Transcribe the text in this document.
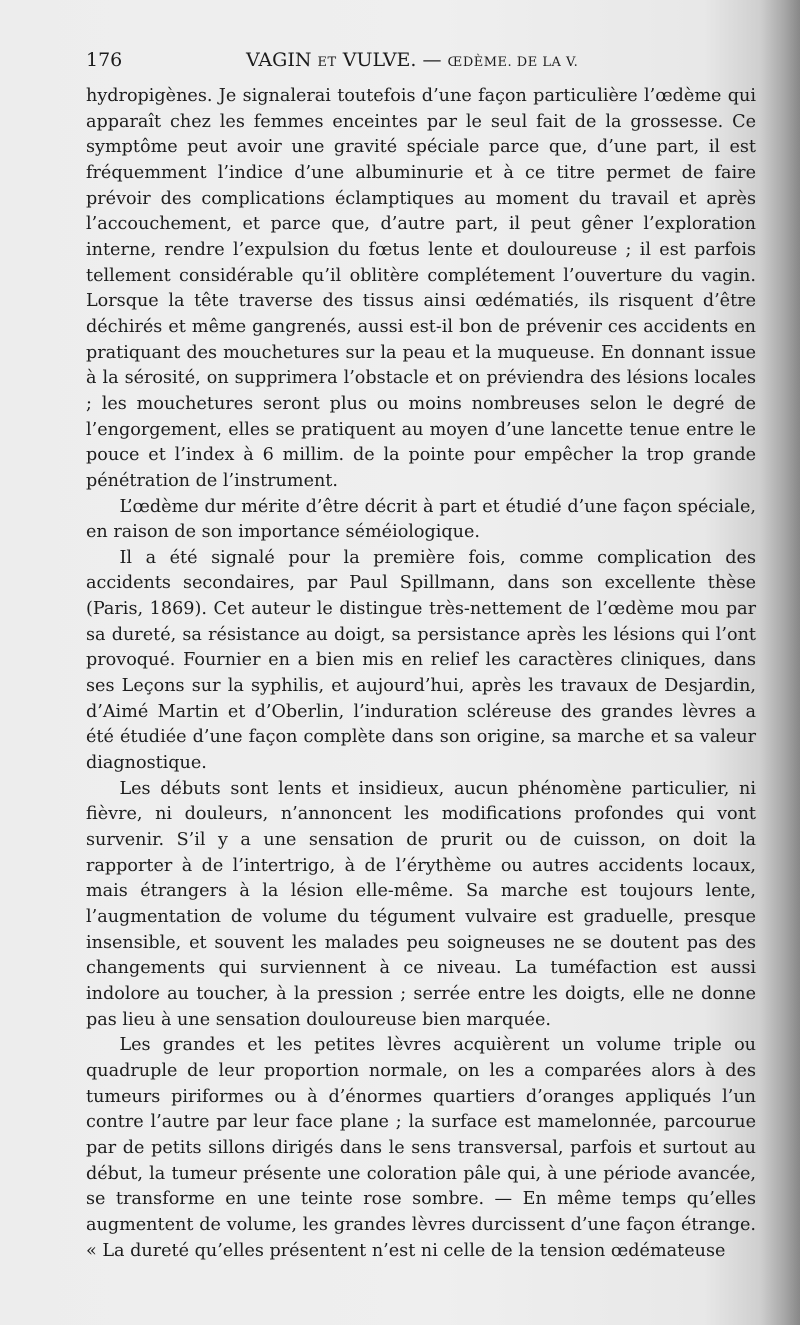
176	VAGIN ET VULVE. — ŒDÈME. DE LA V.

hydropigènes. Je signalerai toutefois d’une façon particulière l’œdème qui apparaît chez les femmes enceintes par le seul fait de la grossesse. Ce symptôme peut avoir une gravité spéciale parce que, d’une part, il est fréquemment l’indice d’une albuminurie et à ce titre permet de faire prévoir des complications éclamptiques au moment du travail et après l’accouchement, et parce que, d’autre part, il peut gêner l’exploration interne, rendre l’expulsion du fœtus lente et douloureuse ; il est parfois tellement considérable qu’il oblitère complétement l’ouverture du vagin. Lorsque la tête traverse des tissus ainsi œdématiés, ils risquent d’être déchirés et même gangrenés, aussi est-il bon de prévenir ces accidents en pratiquant des mouchetures sur la peau et la muqueuse. En donnant issue à la sérosité, on supprimera l’obstacle et on préviendra des lésions locales ; les mouchetures seront plus ou moins nombreuses selon le degré de l’engorgement, elles se pratiquent au moyen d’une lancette tenue entre le pouce et l’index à 6 millim. de la pointe pour empêcher la trop grande pénétration de l’instrument.

L’œdème dur mérite d’être décrit à part et étudié d’une façon spéciale, en raison de son importance séméiologique.

Il a été signalé pour la première fois, comme complication des accidents secondaires, par Paul Spillmann, dans son excellente thèse (Paris, 1869). Cet auteur le distingue très-nettement de l’œdème mou par sa dureté, sa résistance au doigt, sa persistance après les lésions qui l’ont provoqué. Fournier en a bien mis en relief les caractères cliniques, dans ses Leçons sur la syphilis, et aujourd’hui, après les travaux de Desjardin, d’Aimé Martin et d’Oberlin, l’induration scléreuse des grandes lèvres a été étudiée d’une façon complète dans son origine, sa marche et sa valeur diagnostique.

Les débuts sont lents et insidieux, aucun phénomène particulier, ni fièvre, ni douleurs, n’annoncent les modifications profondes qui vont survenir. S’il y a une sensation de prurit ou de cuisson, on doit la rapporter à de l’intertrigo, à de l’érythème ou autres accidents locaux, mais étrangers à la lésion elle-même. Sa marche est toujours lente, l’augmentation de volume du tégument vulvaire est graduelle, presque insensible, et souvent les malades peu soigneuses ne se doutent pas des changements qui surviennent à ce niveau. La tuméfaction est aussi indolore au toucher, à la pression ; serrée entre les doigts, elle ne donne pas lieu à une sensation douloureuse bien marquée.

Les grandes et les petites lèvres acquièrent un volume triple ou quadruple de leur proportion normale, on les a comparées alors à des tumeurs piriformes ou à d’énormes quartiers d’oranges appliqués l’un contre l’autre par leur face plane ; la surface est mamelonnée, parcourue par de petits sillons dirigés dans le sens transversal, parfois et surtout au début, la tumeur présente une coloration pâle qui, à une période avancée, se transforme en une teinte rose sombre. — En même temps qu’elles augmentent de volume, les grandes lèvres durcissent d’une façon étrange. « La dureté qu’elles présentent n’est ni celle de la tension œdémateuse
